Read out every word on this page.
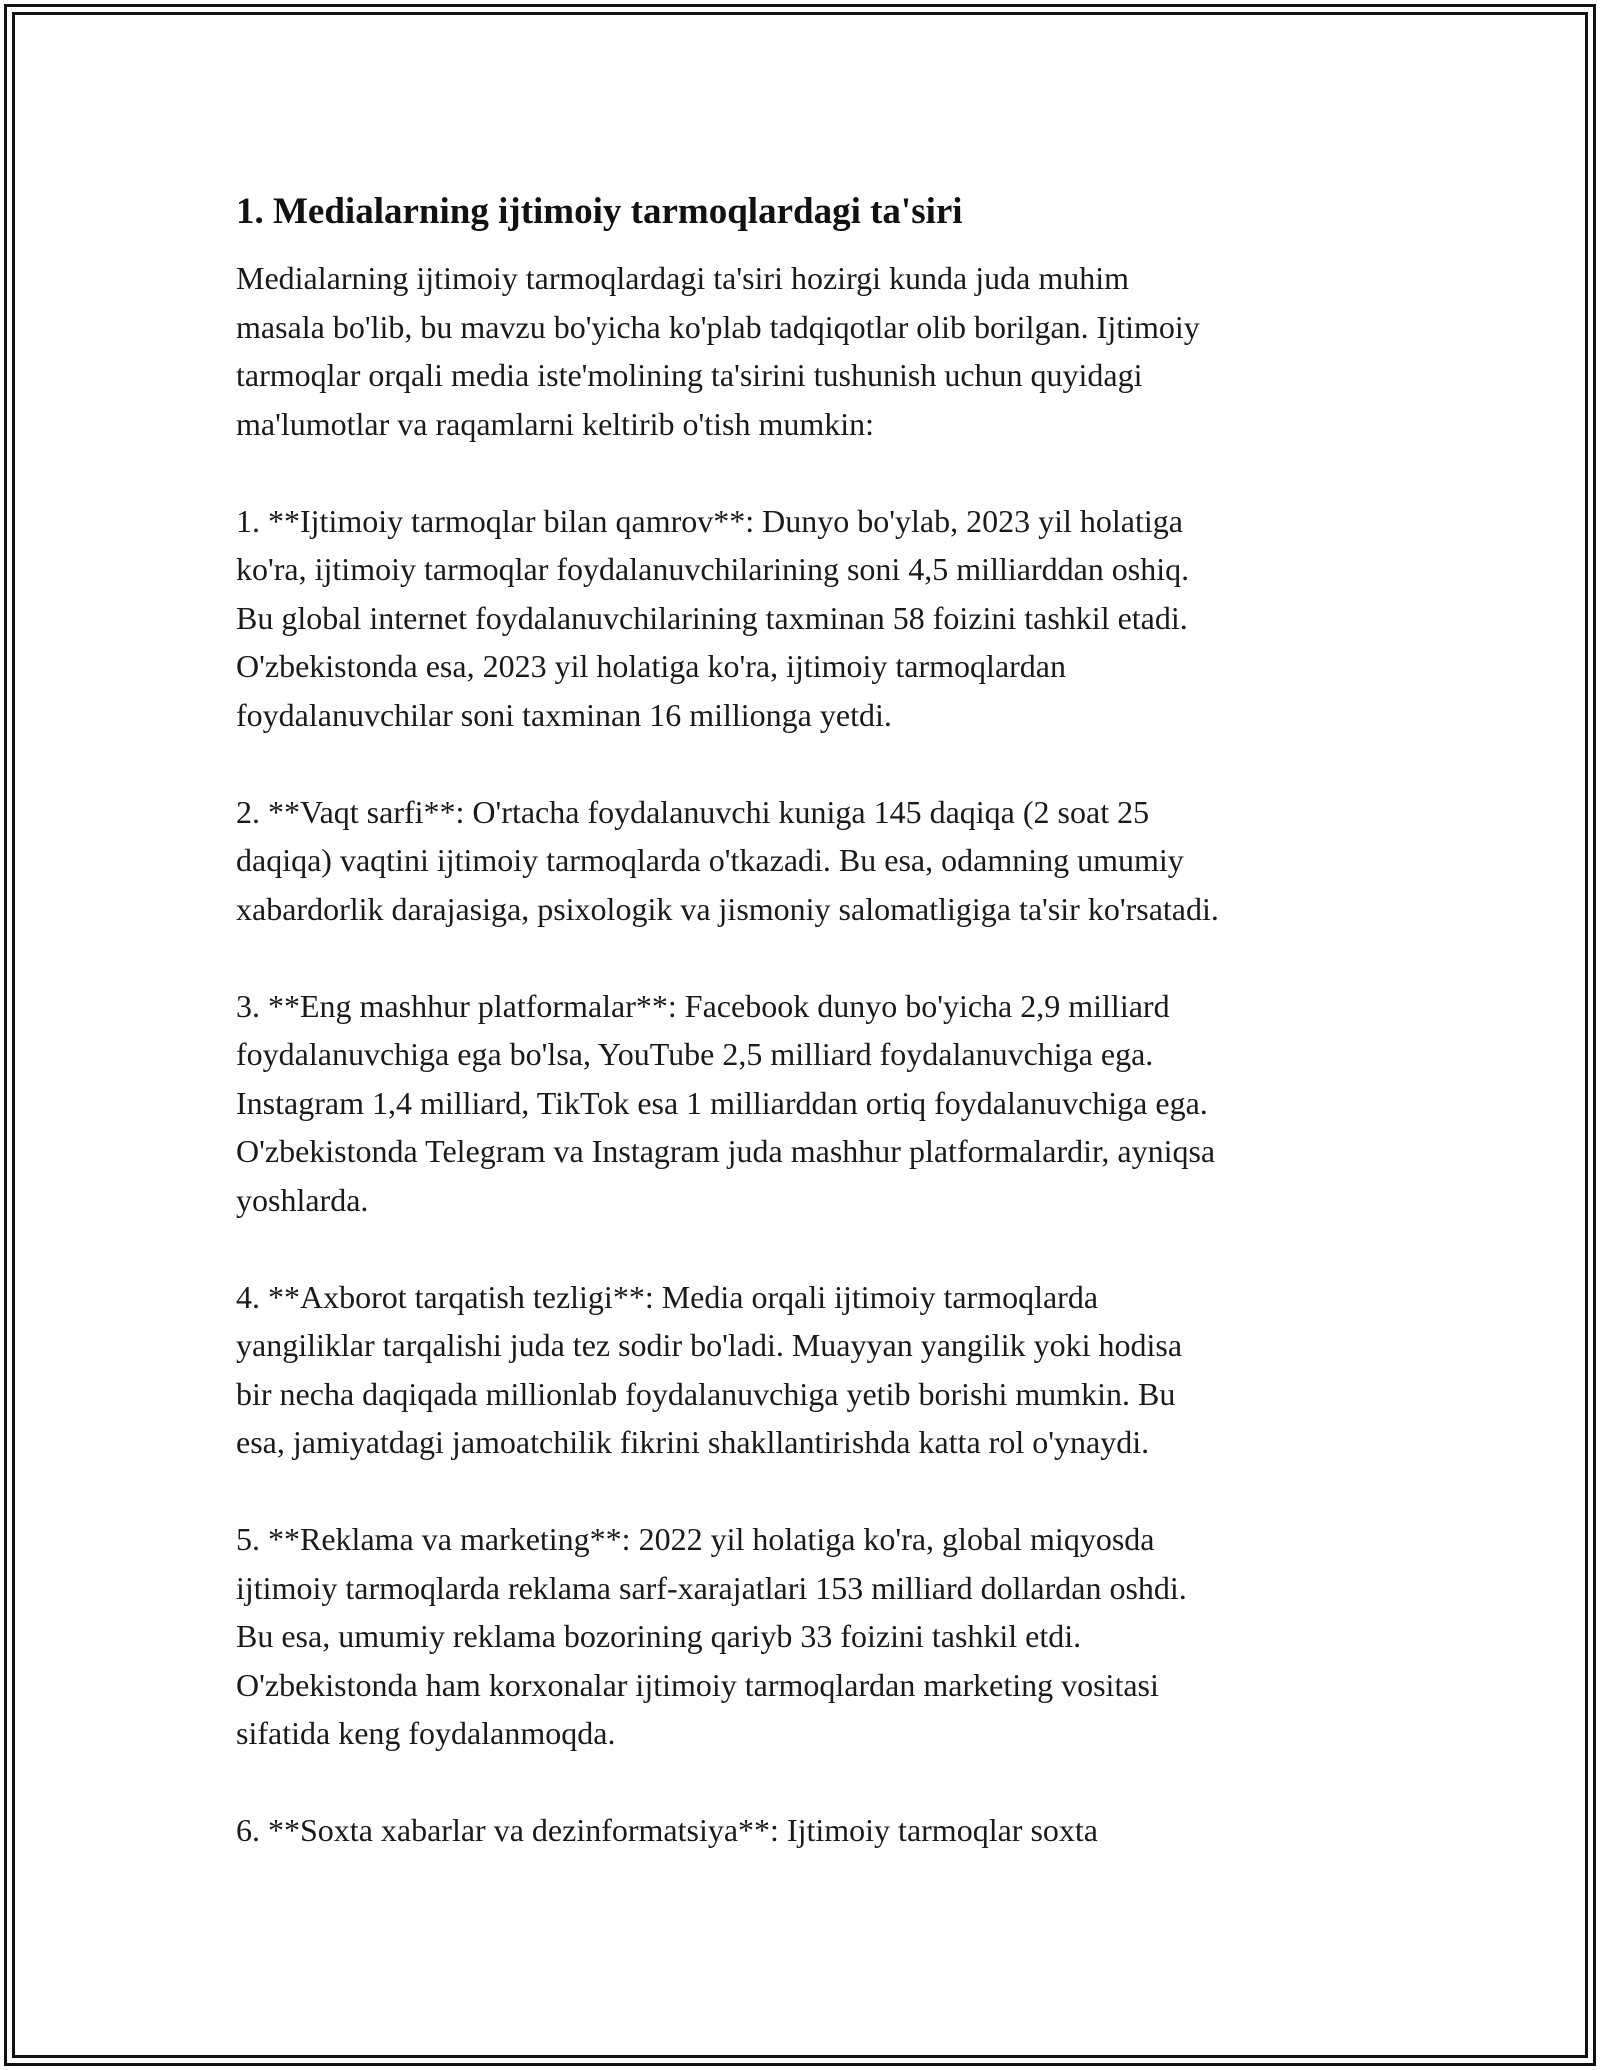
1. Medialarning ijtimoiy tarmoqlardagi ta'siri

Medialarning ijtimoiy tarmoqlardagi ta'siri hozirgi kunda juda muhim
masala bo'lib, bu mavzu bo'yicha ko'plab tadqiqotlar olib borilgan. Ijtimoiy
tarmoqlar orqali media iste'molining ta'sirini tushunish uchun quyidagi
ma'lumotlar va raqamlarni keltirib o'tish mumkin:

1. **Ijtimoiy tarmoqlar bilan qamrov**: Dunyo bo'ylab, 2023 yil holatiga
ko'ra, ijtimoiy tarmoqlar foydalanuvchilarining soni 4,5 milliarddan oshiq.
Bu global internet foydalanuvchilarining taxminan 58 foizini tashkil etadi.
O'zbekistonda esa, 2023 yil holatiga ko'ra, ijtimoiy tarmoqlardan
foydalanuvchilar soni taxminan 16 millionga yetdi.

2. **Vaqt sarfi**: O'rtacha foydalanuvchi kuniga 145 daqiqa (2 soat 25
daqiqa) vaqtini ijtimoiy tarmoqlarda o'tkazadi. Bu esa, odamning umumiy
xabardorlik darajasiga, psixologik va jismoniy salomatligiga ta'sir ko'rsatadi.

3. **Eng mashhur platformalar**: Facebook dunyo bo'yicha 2,9 milliard
foydalanuvchiga ega bo'lsa, YouTube 2,5 milliard foydalanuvchiga ega.
Instagram 1,4 milliard, TikTok esa 1 milliarddan ortiq foydalanuvchiga ega.
O'zbekistonda Telegram va Instagram juda mashhur platformalardir, ayniqsa
yoshlarda.

4. **Axborot tarqatish tezligi**: Media orqali ijtimoiy tarmoqlarda
yangiliklar tarqalishi juda tez sodir bo'ladi. Muayyan yangilik yoki hodisa
bir necha daqiqada millionlab foydalanuvchiga yetib borishi mumkin. Bu
esa, jamiyatdagi jamoatchilik fikrini shakllantirishda katta rol o'ynaydi.

5. **Reklama va marketing**: 2022 yil holatiga ko'ra, global miqyosda
ijtimoiy tarmoqlarda reklama sarf-xarajatlari 153 milliard dollardan oshdi.
Bu esa, umumiy reklama bozorining qariyb 33 foizini tashkil etdi.
O'zbekistonda ham korxonalar ijtimoiy tarmoqlardan marketing vositasi
sifatida keng foydalanmoqda.

6. **Soxta xabarlar va dezinformatsiya**: Ijtimoiy tarmoqlar soxta
